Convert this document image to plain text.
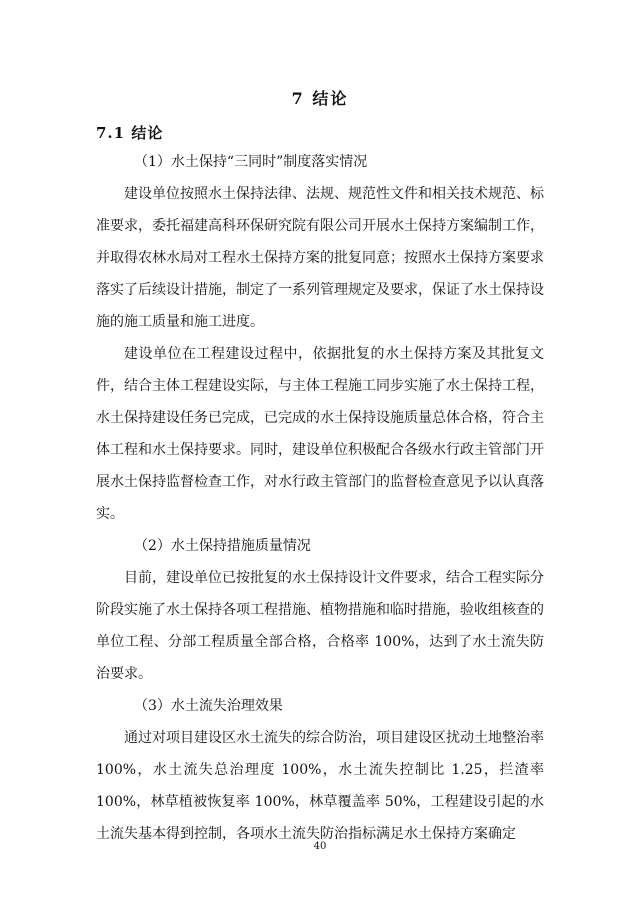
7 结论
7.1 结论

（1）水土保持“三同时”制度落实情况

建设单位按照水土保持法律、法规、规范性文件和相关技术规范、标准要求，委托福建高科环保研究院有限公司开展水土保持方案编制工作，并取得农林水局对工程水土保持方案的批复同意；按照水土保持方案要求落实了后续设计措施，制定了一系列管理规定及要求，保证了水土保持设施的施工质量和施工进度。

建设单位在工程建设过程中，依据批复的水土保持方案及其批复文件，结合主体工程建设实际，与主体工程施工同步实施了水土保持工程，水土保持建设任务已完成，已完成的水土保持设施质量总体合格，符合主体工程和水土保持要求。同时，建设单位积极配合各级水行政主管部门开展水土保持监督检查工作，对水行政主管部门的监督检查意见予以认真落实。

（2）水土保持措施质量情况

目前，建设单位已按批复的水土保持设计文件要求，结合工程实际分阶段实施了水土保持各项工程措施、植物措施和临时措施，验收组核查的单位工程、分部工程质量全部合格，合格率 100%，达到了水土流失防治要求。

（3）水土流失治理效果

通过对项目建设区水土流失的综合防治，项目建设区扰动土地整治率 100%，水土流失总治理度 100%，水土流失控制比 1.25，拦渣率 100%，林草植被恢复率 100%，林草覆盖率 50%，工程建设引起的水土流失基本得到控制，各项水土流失防治指标满足水土保持方案确定

40
